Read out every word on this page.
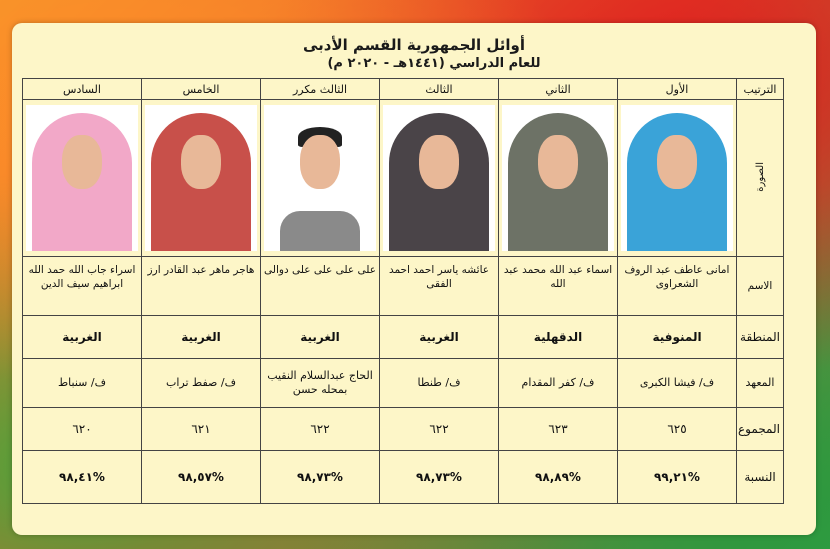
أوائل الجمهورية القسم الأدبى
للعام الدراسي (١٤٤١هـ - ٢٠٢٠ م)
الترتيب	الأول	الثاني	الثالث	الثالث مكرر	الخامس	السادس
الصورة	

الاسم	امانى عاطف عبد الروف الشعراوى	اسماء عبد الله محمد عبد الله	عائشه ياسر احمد احمد الفقى	على على على على دوالى	هاجر ماهر عبد القادر ارز	اسراء جاب الله حمد الله ابراهيم سيف الدين
المنطقة	المنوفية	الدقهلية	الغربية	الغربية	الغربية	الغربية
المعهد	ف/ فيشا الكبرى	ف/ كفر المقدام	ف/ طنطا	الحاج عبدالسلام النقيب بمحله حسن	ف/ صفط تراب	ف/ سنباط
المجموع	٦٢٥	٦٢٣	٦٢٢	٦٢٢	٦٢١	٦٢٠
النسبة	%٩٩,٢١	%٩٨,٨٩	%٩٨,٧٣	%٩٨,٧٣	%٩٨,٥٧	%٩٨,٤١
